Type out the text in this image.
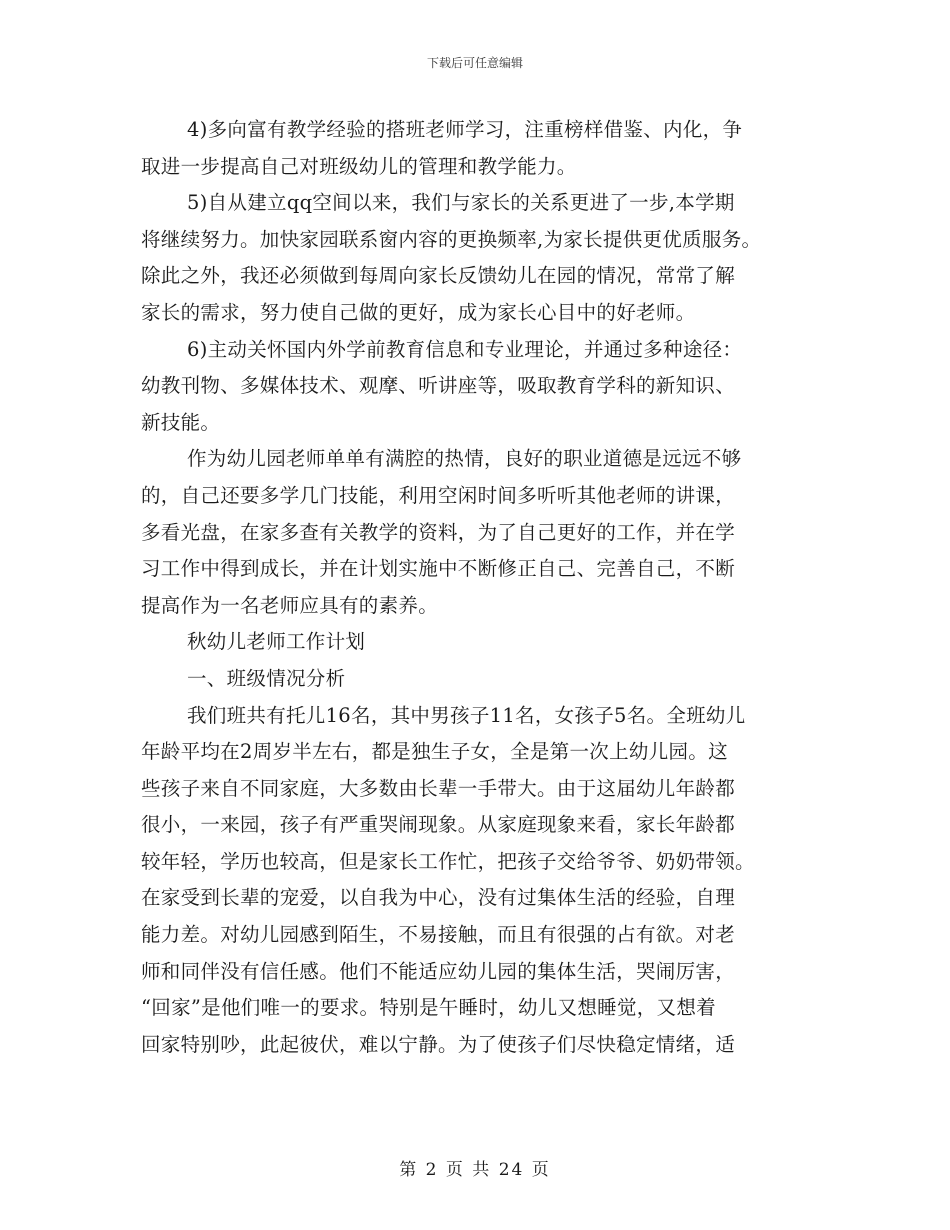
下载后可任意编辑
4)多向富有教学经验的搭班老师学习，注重榜样借鉴、内化，争
取进一步提高自己对班级幼儿的管理和教学能力。
5)自从建立qq空间以来，我们与家长的关系更进了一步,本学期
将继续努力。加快家园联系窗内容的更换频率,为家长提供更优质服务。
除此之外，我还必须做到每周向家长反馈幼儿在园的情况，常常了解
家长的需求，努力使自己做的更好，成为家长心目中的好老师。
6)主动关怀国内外学前教育信息和专业理论，并通过多种途径：
幼教刊物、多媒体技术、观摩、听讲座等，吸取教育学科的新知识、
新技能。
作为幼儿园老师单单有满腔的热情，良好的职业道德是远远不够
的，自己还要多学几门技能，利用空闲时间多听听其他老师的讲课，
多看光盘，在家多查有关教学的资料，为了自己更好的工作，并在学
习工作中得到成长，并在计划实施中不断修正自己、完善自己，不断
提高作为一名老师应具有的素养。
秋幼儿老师工作计划
一、班级情况分析
我们班共有托儿16名，其中男孩子11名，女孩子5名。全班幼儿
年龄平均在2周岁半左右，都是独生子女，全是第一次上幼儿园。这
些孩子来自不同家庭，大多数由长辈一手带大。由于这届幼儿年龄都
很小，一来园，孩子有严重哭闹现象。从家庭现象来看，家长年龄都
较年轻，学历也较高，但是家长工作忙，把孩子交给爷爷、奶奶带领。
在家受到长辈的宠爱，以自我为中心，没有过集体生活的经验，自理
能力差。对幼儿园感到陌生，不易接触，而且有很强的占有欲。对老
师和同伴没有信任感。他们不能适应幼儿园的集体生活，哭闹厉害，
“回家”是他们唯一的要求。特别是午睡时，幼儿又想睡觉，又想着
回家特别吵，此起彼伏，难以宁静。为了使孩子们尽快稳定情绪，适
第 2 页 共 24 页
